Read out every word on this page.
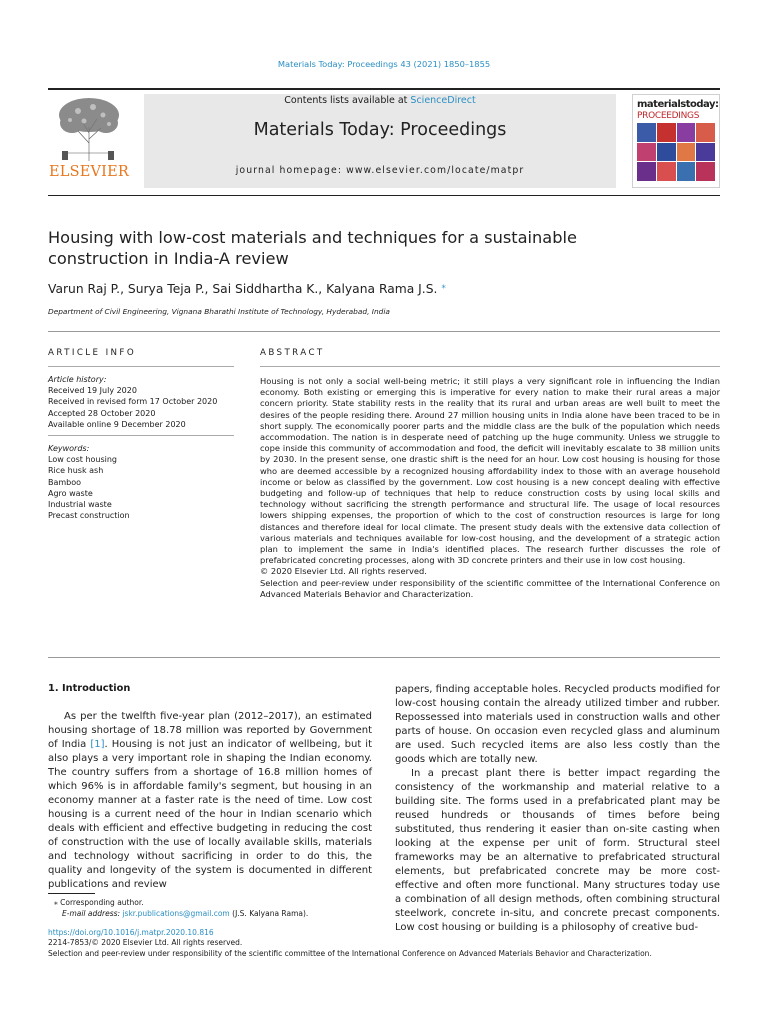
Materials Today: Proceedings 43 (2021) 1850–1855
ELSEVIER
Contents lists available at ScienceDirect
Materials Today: Proceedings
journal homepage: www.elsevier.com/locate/matpr
materialstoday:
PROCEEDINGS
Housing with low-cost materials and techniques for a sustainable construction in India-A review
Varun Raj P., Surya Teja P., Sai Siddhartha K., Kalyana Rama J.S. ⁎
Department of Civil Engineering, Vignana Bharathi Institute of Technology, Hyderabad, India
ARTICLE INFO
Article history:
Received 19 July 2020
Received in revised form 17 October 2020
Accepted 28 October 2020
Available online 9 December 2020
Keywords:
Low cost housing
Rice husk ash
Bamboo
Agro waste
Industrial waste
Precast construction
ABSTRACT

Housing is not only a social well-being metric; it still plays a very significant role in influencing the Indian economy. Both existing or emerging this is imperative for every nation to make their rural areas a major concern priority. State stability rests in the reality that its rural and urban areas are well built to meet the desires of the people residing there. Around 27 million housing units in India alone have been traced to be in short supply. The economically poorer parts and the middle class are the bulk of the population which needs accommodation. The nation is in desperate need of patching up the huge community. Unless we struggle to cope inside this community of accommodation and food, the deficit will inevitably escalate to 38 million units by 2030. In the present sense, one drastic shift is the need for an hour. Low cost housing is housing for those who are deemed accessible by a recognized housing affordability index to those with an average household income or below as classified by the government. Low cost housing is a new concept dealing with effective budgeting and follow-up of techniques that help to reduce construction costs by using local skills and technology without sacrificing the strength performance and structural life. The usage of local resources lowers shipping expenses, the proportion of which to the cost of construction resources is large for long distances and therefore ideal for local climate. The present study deals with the extensive data collection of various materials and techniques available for low-cost housing, and the development of a strategic action plan to implement the same in India's identified places. The research further discusses the role of prefabricated concreting processes, along with 3D concrete printers and their use in low cost housing.

© 2020 Elsevier Ltd. All rights reserved.

Selection and peer-review under responsibility of the scientific committee of the International Conference on Advanced Materials Behavior and Characterization.

1. Introduction

As per the twelfth five-year plan (2012–2017), an estimated housing shortage of 18.78 million was reported by Government of India [1]. Housing is not just an indicator of wellbeing, but it also plays a very important role in shaping the Indian economy. The country suffers from a shortage of 16.8 million homes of which 96% is in affordable family's segment, but housing in an economy manner at a faster rate is the need of time. Low cost housing is a current need of the hour in Indian scenario which deals with efficient and effective budgeting in reducing the cost of construction with the use of locally available skills, materials and technology without sacrificing in order to do this, the quality and longevity of the system is documented in different publications and review

papers, finding acceptable holes. Recycled products modified for low-cost housing contain the already utilized timber and rubber. Repossessed into materials used in construction walls and other parts of house. On occasion even recycled glass and aluminum are used. Such recycled items are also less costly than the goods which are totally new.

In a precast plant there is better impact regarding the consistency of the workmanship and material relative to a building site. The forms used in a prefabricated plant may be reused hundreds or thousands of times before being substituted, thus rendering it easier than on-site casting when looking at the expense per unit of form. Structural steel frameworks may be an alternative to prefabricated structural elements, but prefabricated concrete may be more cost-effective and often more functional. Many structures today use a combination of all design methods, often combining structural steelwork, concrete in-situ, and concrete precast components. Low cost housing or building is a philosophy of creative bud-

⁎ Corresponding author.
E-mail address: jskr.publications@gmail.com (J.S. Kalyana Rama).
https://doi.org/10.1016/j.matpr.2020.10.816
2214-7853/© 2020 Elsevier Ltd. All rights reserved.
Selection and peer-review under responsibility of the scientific committee of the International Conference on Advanced Materials Behavior and Characterization.
